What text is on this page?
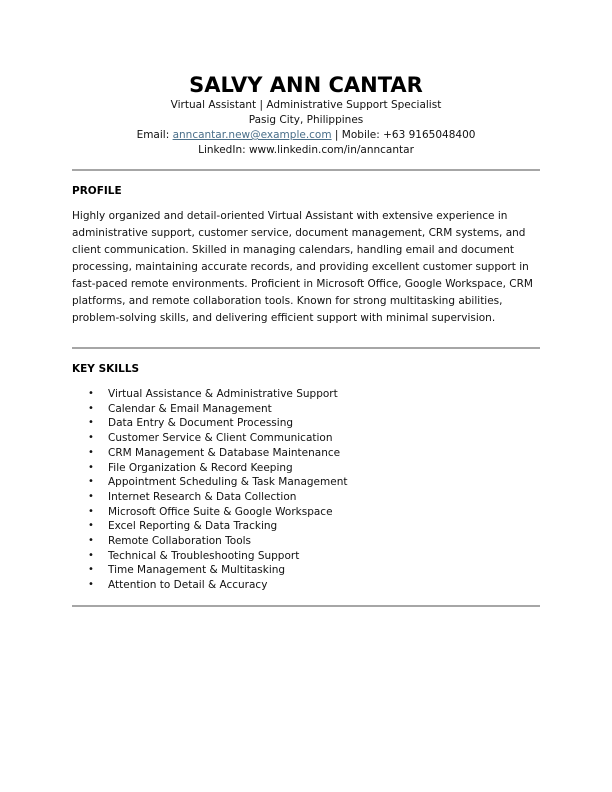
SALVY ANN CANTAR

Virtual Assistant | Administrative Support Specialist

Pasig City, Philippines

Email: anncantar.new@example.com | Mobile: +63 9165048400

LinkedIn: www.linkedin.com/in/anncantar

PROFILE

Highly organized and detail-oriented Virtual Assistant with extensive experience in
administrative support, customer service, document management, CRM systems, and
client communication. Skilled in managing calendars, handling email and document
processing, maintaining accurate records, and providing excellent customer support in
fast-paced remote environments. Proficient in Microsoft Office, Google Workspace, CRM
platforms, and remote collaboration tools. Known for strong multitasking abilities,
problem-solving skills, and delivering efficient support with minimal supervision.

KEY SKILLS
• Virtual Assistance & Administrative Support
• Calendar & Email Management
• Data Entry & Document Processing
• Customer Service & Client Communication
• CRM Management & Database Maintenance
• File Organization & Record Keeping
• Appointment Scheduling & Task Management
• Internet Research & Data Collection
• Microsoft Office Suite & Google Workspace
• Excel Reporting & Data Tracking
• Remote Collaboration Tools
• Technical & Troubleshooting Support
• Time Management & Multitasking
• Attention to Detail & Accuracy
